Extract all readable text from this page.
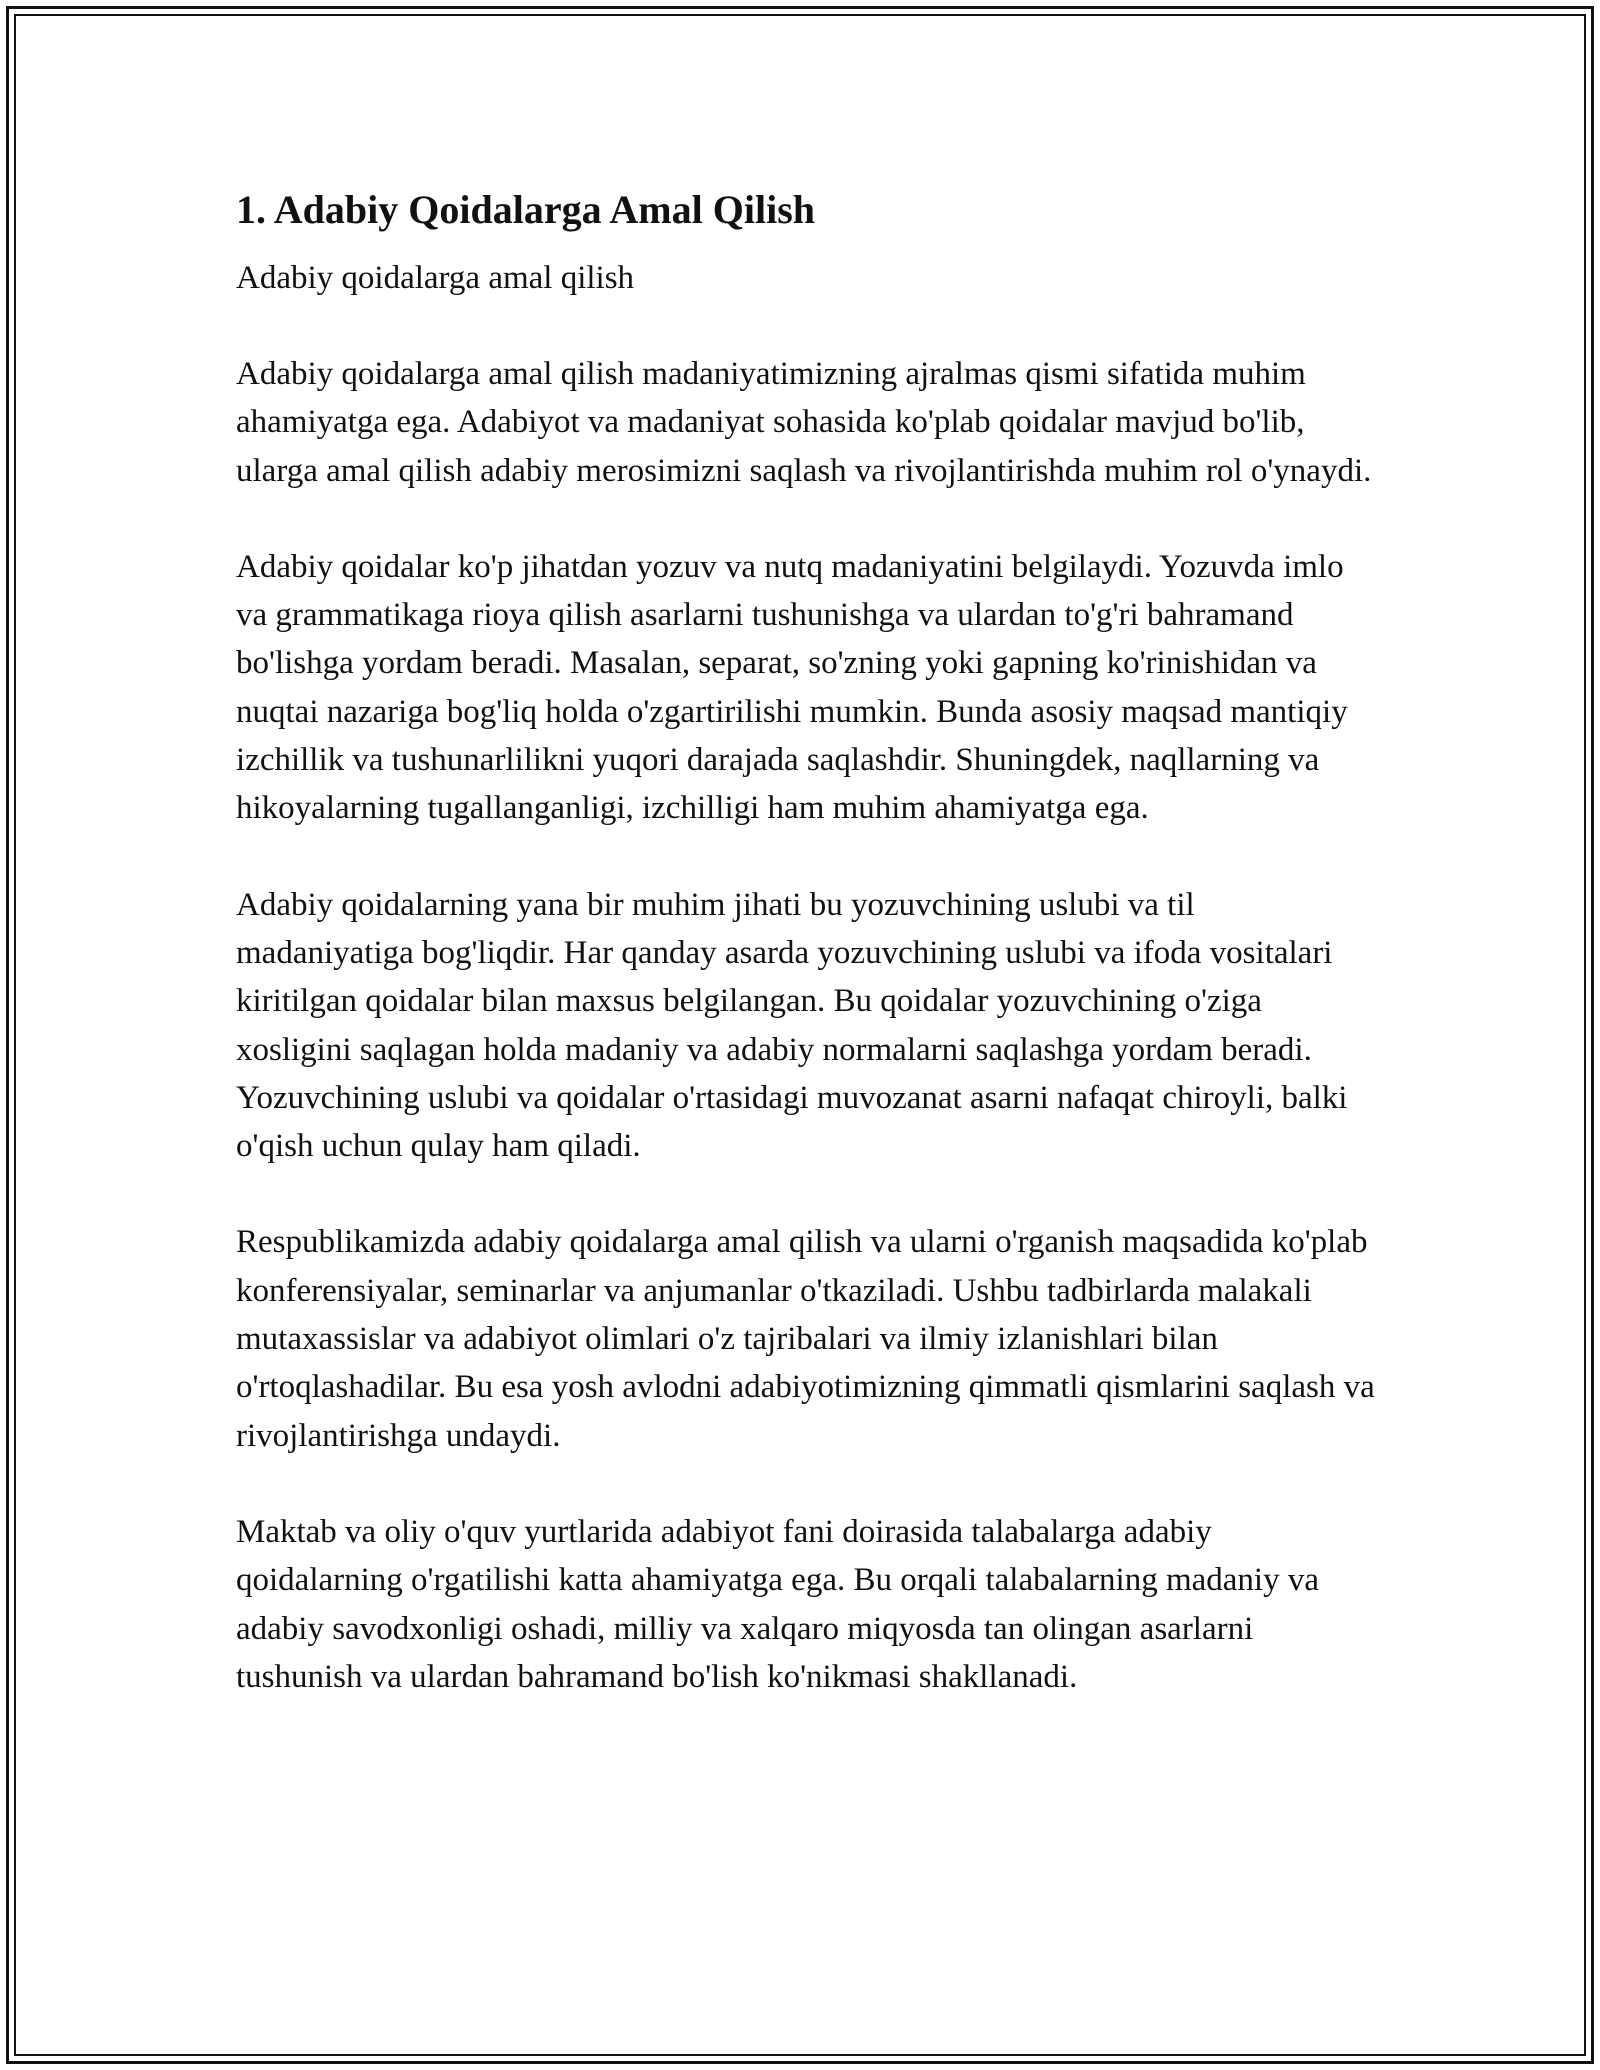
1. Adabiy Qoidalarga Amal Qilish

Adabiy qoidalarga amal qilish

Adabiy qoidalarga amal qilish madaniyatimizning ajralmas qismi sifatida muhim ahamiyatga ega. Adabiyot va madaniyat sohasida ko'plab qoidalar mavjud bo'lib, ularga amal qilish adabiy merosimizni saqlash va rivojlantirishda muhim rol o'ynaydi.

Adabiy qoidalar ko'p jihatdan yozuv va nutq madaniyatini belgilaydi. Yozuvda imlo va grammatikaga rioya qilish asarlarni tushunishga va ulardan to'g'ri bahramand bo'lishga yordam beradi. Masalan, separat, so'zning yoki gapning ko'rinishidan va nuqtai nazariga bog'liq holda o'zgartirilishi mumkin. Bunda asosiy maqsad mantiqiy izchillik va tushunarlilikni yuqori darajada saqlashdir. Shuningdek, naqllarning va hikoyalarning tugallanganligi, izchilligi ham muhim ahamiyatga ega.

Adabiy qoidalarning yana bir muhim jihati bu yozuvchining uslubi va til madaniyatiga bog'liqdir. Har qanday asarda yozuvchining uslubi va ifoda vositalari kiritilgan qoidalar bilan maxsus belgilangan. Bu qoidalar yozuvchining o'ziga xosligini saqlagan holda madaniy va adabiy normalarni saqlashga yordam beradi. Yozuvchining uslubi va qoidalar o'rtasidagi muvozanat asarni nafaqat chiroyli, balki o'qish uchun qulay ham qiladi.

Respublikamizda adabiy qoidalarga amal qilish va ularni o'rganish maqsadida ko'plab konferensiyalar, seminarlar va anjumanlar o'tkaziladi. Ushbu tadbirlarda malakali mutaxassislar va adabiyot olimlari o'z tajribalari va ilmiy izlanishlari bilan o'rtoqlashadilar. Bu esa yosh avlodni adabiyotimizning qimmatli qismlarini saqlash va rivojlantirishga undaydi.

Maktab va oliy o'quv yurtlarida adabiyot fani doirasida talabalarga adabiy qoidalarning o'rgatilishi katta ahamiyatga ega. Bu orqali talabalarning madaniy va adabiy savodxonligi oshadi, milliy va xalqaro miqyosda tan olingan asarlarni tushunish va ulardan bahramand bo'lish ko'nikmasi shakllanadi.
